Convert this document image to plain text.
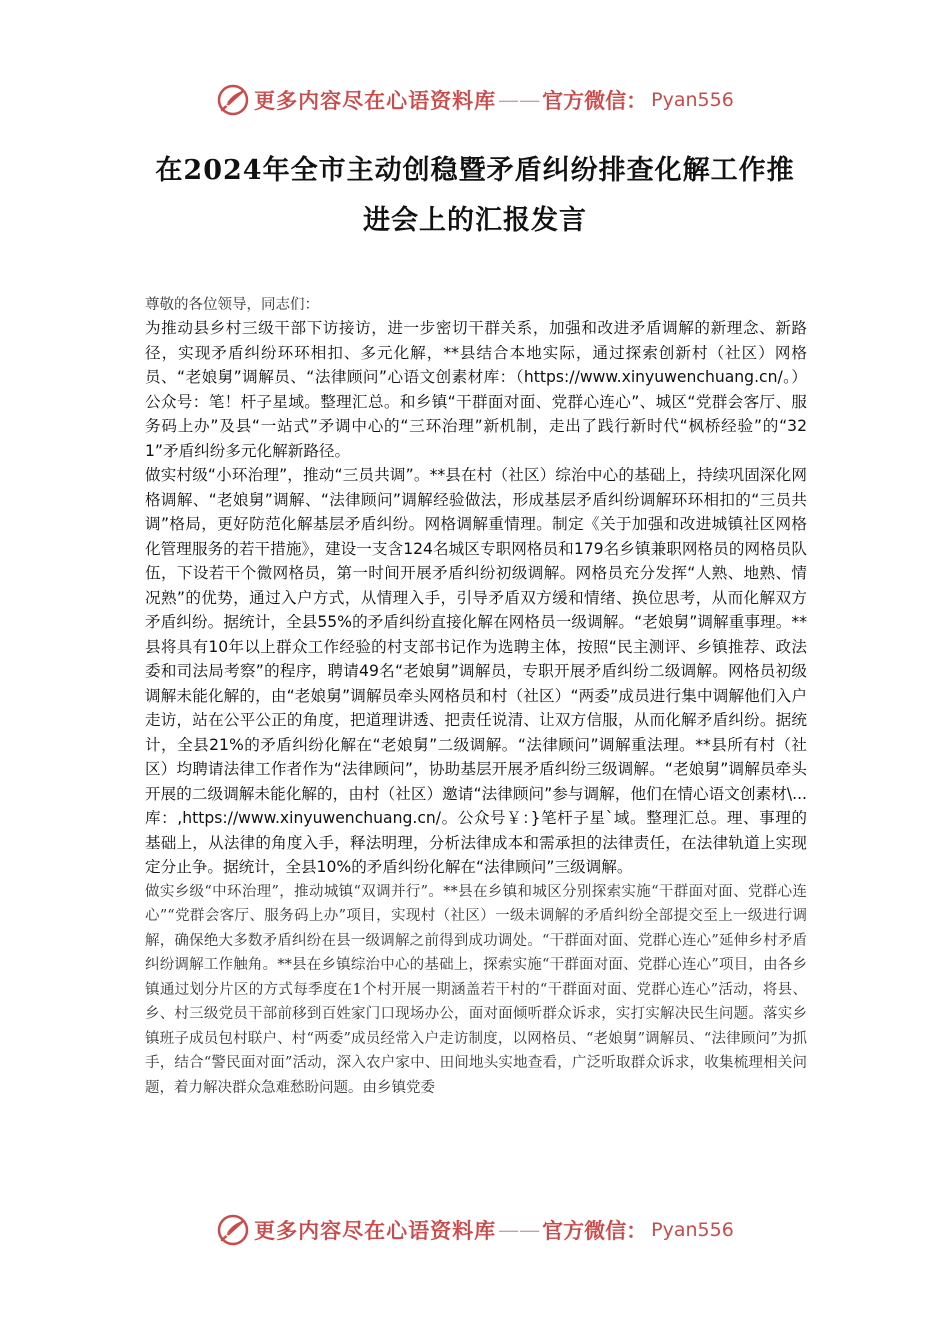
更多内容尽在心语资料库 —— 官方微信： Pyan556
在2024年全市主动创稳暨矛盾纠纷排查化解工作推
进会上的汇报发言

尊敬的各位领导，同志们：

为推动县乡村三级干部下访接访，进一步密切干群关系，加强和改进矛盾调解的新理念、新路径，实现矛盾纠纷环环相扣、多元化解，**县结合本地实际，通过探索创新村（社区）网格员、“老娘舅”调解员、“法律顾问”心语文创素材库：（https://www.xinyuwenchuang.cn/。）公众号：笔！杆子星域。整理汇总。和乡镇“干群面对面、党群心连心”、城区“党群会客厅、服务码上办”及县“一站式”矛调中心的“三环治理”新机制，走出了践行新时代“枫桥经验”的“321”矛盾纠纷多元化解新路径。

做实村级“小环治理”，推动“三员共调”。**县在村（社区）综治中心的基础上，持续巩固深化网格调解、“老娘舅”调解、“法律顾问”调解经验做法，形成基层矛盾纠纷调解环环相扣的“三员共调”格局，更好防范化解基层矛盾纠纷。网格调解重情理。制定《关于加强和改进城镇社区网格化管理服务的若干措施》，建设一支含124名城区专职网格员和179名乡镇兼职网格员的网格员队伍，下设若干个微网格员，第一时间开展矛盾纠纷初级调解。网格员充分发挥“人熟、地熟、情况熟”的优势，通过入户方式，从情理入手，引导矛盾双方缓和情绪、换位思考，从而化解双方矛盾纠纷。据统计，全县55%的矛盾纠纷直接化解在网格员一级调解。“老娘舅”调解重事理。**县将具有10年以上群众工作经验的村支部书记作为选聘主体，按照“民主测评、乡镇推荐、政法委和司法局考察”的程序，聘请49名“老娘舅”调解员，专职开展矛盾纠纷二级调解。网格员初级调解未能化解的，由“老娘舅”调解员牵头网格员和村（社区）“两委”成员进行集中调解他们入户走访，站在公平公正的角度，把道理讲透、把责任说清、让双方信服，从而化解矛盾纠纷。据统计，全县21%的矛盾纠纷化解在“老娘舅”二级调解。“法律顾问”调解重法理。**县所有村（社区）均聘请法律工作者作为“法律顾问”，协助基层开展矛盾纠纷三级调解。“老娘舅”调解员牵头开展的二级调解未能化解的，由村（社区）邀请“法律顾问”参与调解，他们在情心语文创素材\...库：,https://www.xinyuwenchuang.cn/。公众号￥：}笔杆子星`域。整理汇总。理、事理的基础上，从法律的角度入手，释法明理，分析法律成本和需承担的法律责任，在法律轨道上实现定分止争。据统计，全县10%的矛盾纠纷化解在“法律顾问”三级调解。

做实乡级“中环治理”，推动城镇“双调并行”。**县在乡镇和城区分别探索实施“干群面对面、党群心连心”“党群会客厅、服务码上办”项目，实现村（社区）一级未调解的矛盾纠纷全部提交至上一级进行调解，确保绝大多数矛盾纠纷在县一级调解之前得到成功调处。“干群面对面、党群心连心”延伸乡村矛盾纠纷调解工作触角。**县在乡镇综治中心的基础上，探索实施“干群面对面、党群心连心”项目，由各乡镇通过划分片区的方式每季度在1个村开展一期涵盖若干村的“干群面对面、党群心连心”活动，将县、乡、村三级党员干部前移到百姓家门口现场办公，面对面倾听群众诉求，实打实解决民生问题。落实乡镇班子成员包村联户、村“两委”成员经常入户走访制度，以网格员、“老娘舅”调解员、“法律顾问”为抓手，结合“警民面对面”活动，深入农户家中、田间地头实地查看，广泛听取群众诉求，收集梳理相关问题，着力解决群众急难愁盼问题。由乡镇党委

更多内容尽在心语资料库 —— 官方微信： Pyan556
